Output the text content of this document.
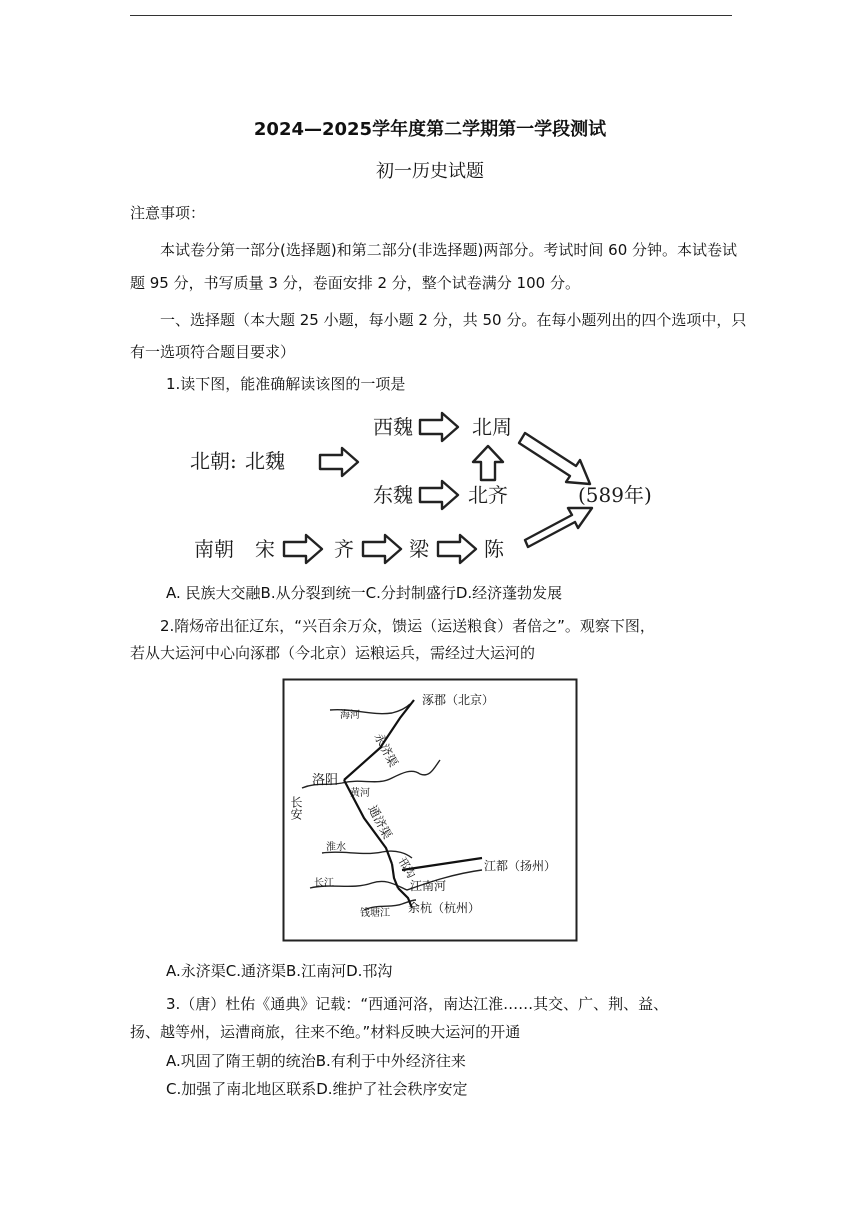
2024—2025学年度第二学期第一学段测试
初一历史试题
注意事项：
本试卷分第一部分(选择题)和第二部分(非选择题)两部分。考试时间 60 分钟。本试卷试
题 95 分，书写质量 3 分，卷面安排 2 分，整个试卷满分 100 分。
一、选择题（本大题 25 小题，每小题 2 分，共 50 分。在每小题列出的四个选项中，只
有一选项符合题目要求）
1.读下图，能准确解读该图的一项是
北朝: 北魏
西魏	北周
东魏	北齐	(589年)
南朝 宋	齐	梁	陈
A. 民族大交融B.从分裂到统一C.分封制盛行D.经济蓬勃发展
2.隋炀帝出征辽东，“兴百余万众，馈运（运送粮食）者倍之”。观察下图，
若从大运河中心向涿郡（今北京）运粮运兵，需经过大运河的
涿郡（北京）
海河
永济渠
洛阳
长安
黄河
通济渠
淮水
邗沟	江都（扬州）
长江	江南河
钱塘江 余杭（杭州）
A.永济渠C.通济渠B.江南河D.邗沟
3.（唐）杜佑《通典》记载：“西通河洛，南达江淮……其交、广、荆、益、
扬、越等州，运漕商旅，往来不绝。”材料反映大运河的开通
A.巩固了隋王朝的统治B.有利于中外经济往来
C.加强了南北地区联系D.维护了社会秩序安定
